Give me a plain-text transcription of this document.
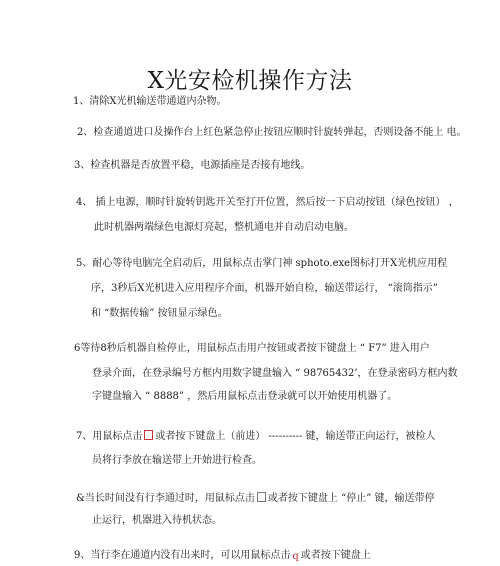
X光安检机操作方法
1、清除X光机输送带通道内杂物。
2、检查通道进口及操作台上红色紧急停止按钮应顺时针旋转弹起，否则设备不能上 电。
3、检查机器是否放置平稳，电源插座是否接有地线。
4、 插上电源，顺时针旋转钥匙开关至打开位置，然后按一下启动按钮（绿色按钮） ，
此时机器两端绿色电源灯亮起，整机通电并自动启动电脑。
5、耐心等待电脑完全启动后，用鼠标点击掌门神 sphoto.exe图标打开X光机应用程
序，3秒后X光机进入应用程序介面，机器开始自检，输送带运行， “滚筒指示”
和 “数据传输” 按钮显示绿色。
6等待8秒后机器自检停止，用鼠标点击用户按钮或者按下键盘上 “ F7” 进入用户
登录介面，在登录编号方框内用数字键盘输入 “ 98765432’，在登录密码方框内数
字键盘输入 “ 8888” ，然后用鼠标点击登录就可以开始使用机器了。
7、用鼠标点击 或者按下键盘上（前进） ---------- 键，输送带正向运行，被检人
员将行李放在输送带上开始进行检查。
&当长时间没有行李通过时，用鼠标点击 或者按下键盘上 “停止” 键，输送带停
止运行，机器进入待机状态。
9、当行李在通道内没有出来时，可以用鼠标点击 q 或者按下键盘上
